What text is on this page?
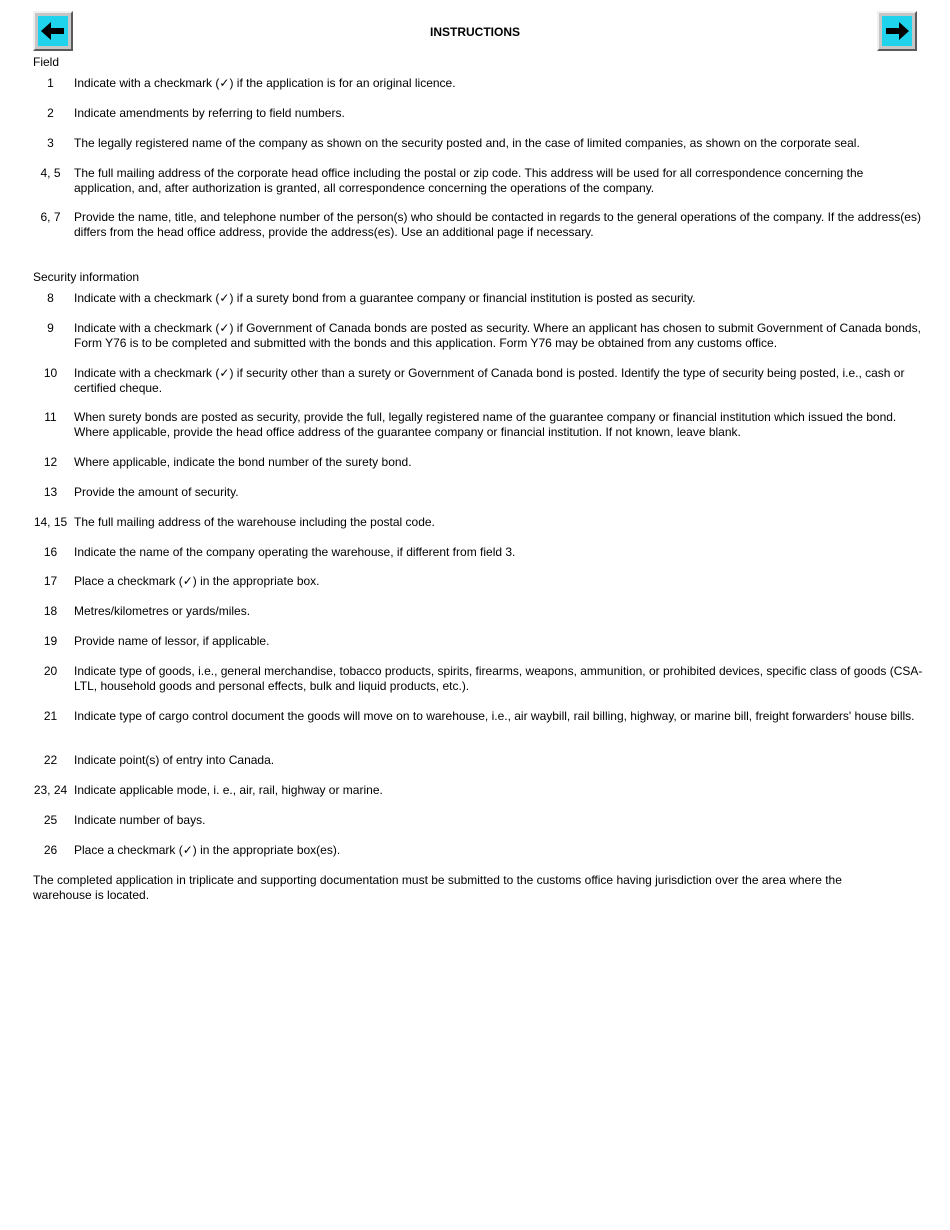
INSTRUCTIONS
Field
1	Indicate with a checkmark (✓) if the application is for an original licence.
2	Indicate amendments by referring to field numbers.
3	The legally registered name of the company as shown on the security posted and, in the case of limited companies, as shown on the corporate seal.
4, 5	The full mailing address of the corporate head office including the postal or zip code. This address will be used for all correspondence concerning the application, and, after authorization is granted, all correspondence concerning the operations of the company.
6, 7	Provide the name, title, and telephone number of the person(s) who should be contacted in regards to the general operations of the company. If the address(es) differs from the head office address, provide the address(es). Use an additional page if necessary.
Security information
8	Indicate with a checkmark (✓) if a surety bond from a guarantee company or financial institution is posted as security.
9	Indicate with a checkmark (✓) if Government of Canada bonds are posted as security. Where an applicant has chosen to submit Government of Canada bonds, Form Y76 is to be completed and submitted with the bonds and this application. Form Y76 may be obtained from any customs office.
10	Indicate with a checkmark (✓) if security other than a surety or Government of Canada bond is posted. Identify the type of security being posted, i.e., cash or certified cheque.
11	When surety bonds are posted as security, provide the full, legally registered name of the guarantee company or financial institution which issued the bond. Where applicable, provide the head office address of the guarantee company or financial institution. If not known, leave blank.
12	Where applicable, indicate the bond number of the surety bond.
13	Provide the amount of security.
14, 15 The full mailing address of the warehouse including the postal code.
16	Indicate the name of the company operating the warehouse, if different from field 3.
17	Place a checkmark (✓) in the appropriate box.
18	Metres/kilometres or yards/miles.
19	Provide name of lessor, if applicable.
20	Indicate type of goods, i.e., general merchandise, tobacco products, spirits, firearms, weapons, ammunition, or prohibited devices, specific class of goods (CSA-LTL, household goods and personal effects, bulk and liquid products, etc.).
21	Indicate type of cargo control document the goods will move on to warehouse, i.e., air waybill, rail billing, highway, or marine bill, freight forwarders' house bills.
22	Indicate point(s) of entry into Canada.
23, 24 Indicate applicable mode, i. e., air, rail, highway or marine.
25	Indicate number of bays.
26	Place a checkmark (✓) in the appropriate box(es).
The completed application in triplicate and supporting documentation must be submitted to the customs office having jurisdiction over the area where the warehouse is located.
